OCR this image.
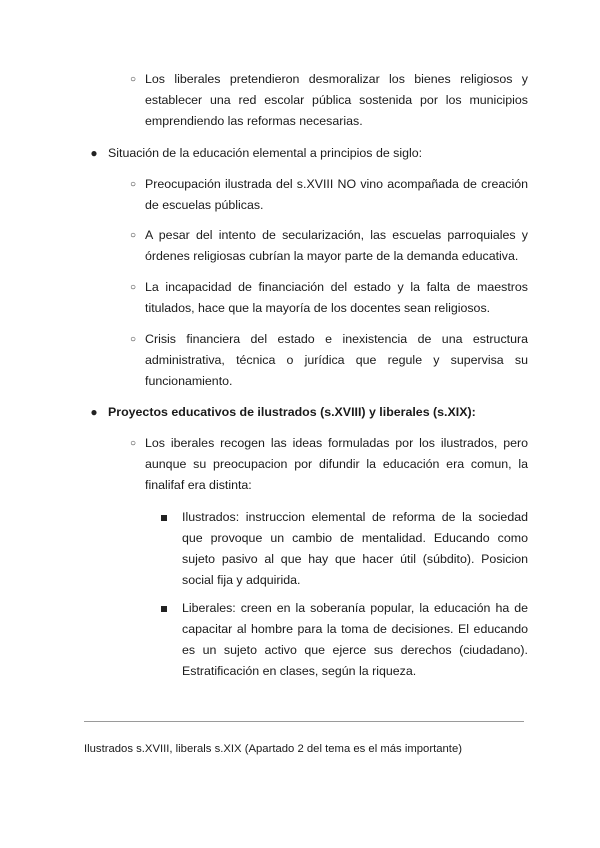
○ Los liberales pretendieron desmoralizar los bienes religiosos y establecer una red escolar pública sostenida por los municipios emprendiendo las reformas necesarias.
● Situación de la educación elemental a principios de siglo:
○ Preocupación ilustrada del s.XVIII NO vino acompañada de creación de escuelas públicas.
○ A pesar del intento de secularización, las escuelas parroquiales y órdenes religiosas cubrían la mayor parte de la demanda educativa.
○ La incapacidad de financiación del estado y la falta de maestros titulados, hace que la mayoría de los docentes sean religiosos.
○ Crisis financiera del estado e inexistencia de una estructura administrativa, técnica o jurídica que regule y supervisa su funcionamiento.
● Proyectos educativos de ilustrados (s.XVIII) y liberales (s.XIX):
○ Los iberales recogen las ideas formuladas por los ilustrados, pero aunque su preocupacion por difundir la educación era comun, la finalifaf era distinta:
Ilustrados: instruccion elemental de reforma de la sociedad que provoque un cambio de mentalidad. Educando como sujeto pasivo al que hay que hacer útil (súbdito). Posicion social fija y adquirida.
Liberales: creen en la soberanía popular, la educación ha de capacitar al hombre para la toma de decisiones. El educando es un sujeto activo que ejerce sus derechos (ciudadano). Estratificación en clases, según la riqueza.
Ilustrados s.XVIII, liberals s.XIX (Apartado 2 del tema es el más importante)
